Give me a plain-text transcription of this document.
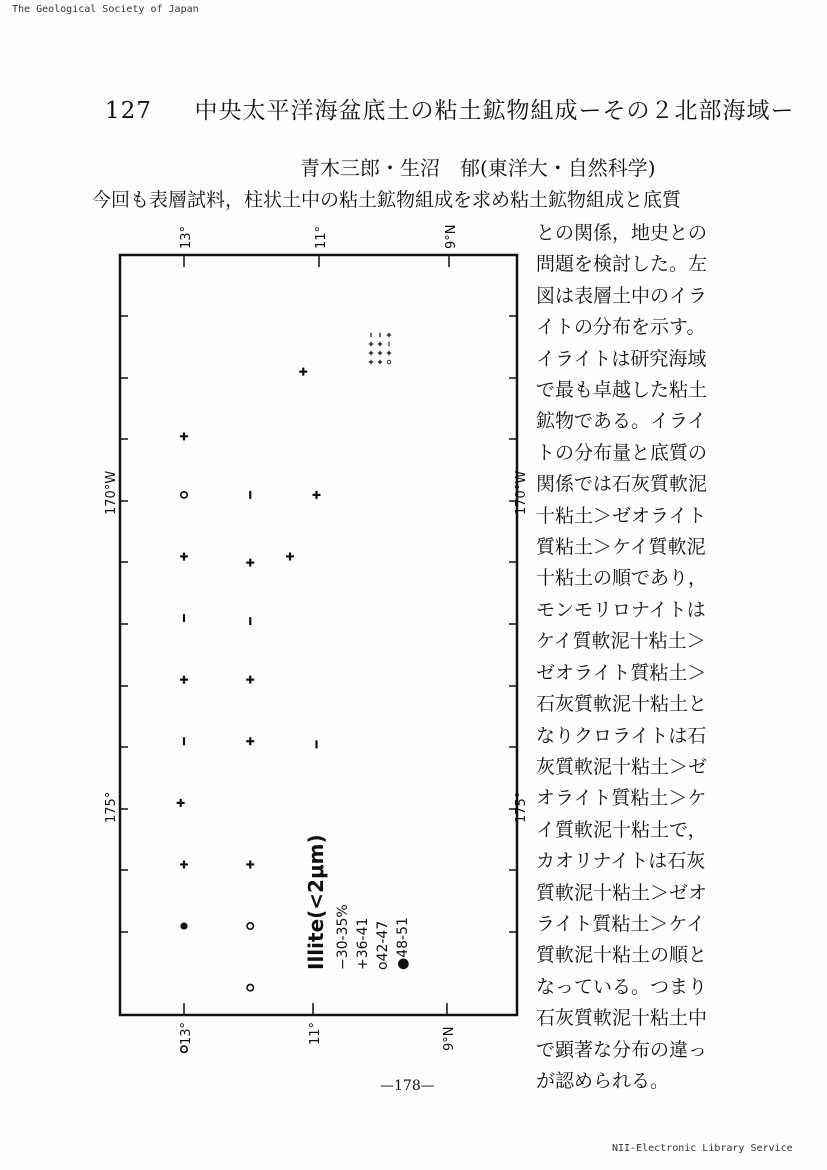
The Geological Society of Japan
NII-Electronic Library Service
127 中央太平洋海盆底土の粘土鉱物組成ーその２北部海域ー
青木三郎・生沼　郁(東洋大・自然科学)
今回も表層試料，柱状土中の粘土鉱物組成を求め粘土鉱物組成と底質
との関係，地史との
問題を検討した。左
図は表層土中のイラ
イトの分布を示す。
イライトは研究海域
で最も卓越した粘土
鉱物である。イライ
トの分布量と底質の
関係では石灰質軟泥
十粘土＞ゼオライト
質粘土＞ケイ質軟泥
十粘土の順であり，
モンモリロナイトは
ケイ質軟泥十粘土＞
ゼオライト質粘土＞
石灰質軟泥十粘土と
なりクロライトは石
灰質軟泥十粘土＞ゼ
オライト質粘土＞ケ
イ質軟泥十粘土で，
カオリナイトは石灰
質軟泥十粘土＞ゼオ
ライト質粘土＞ケイ
質軟泥十粘土の順と
なっている。つまり
石灰質軟泥十粘土中
で顕著な分布の違っ
が認められる。
13°	11°	9°N
13°	11°	9°N
170°W	170°W
175°	175°
Illite(<2μm) −30-35% +36-41 o42-47 ●48-51
—178—
